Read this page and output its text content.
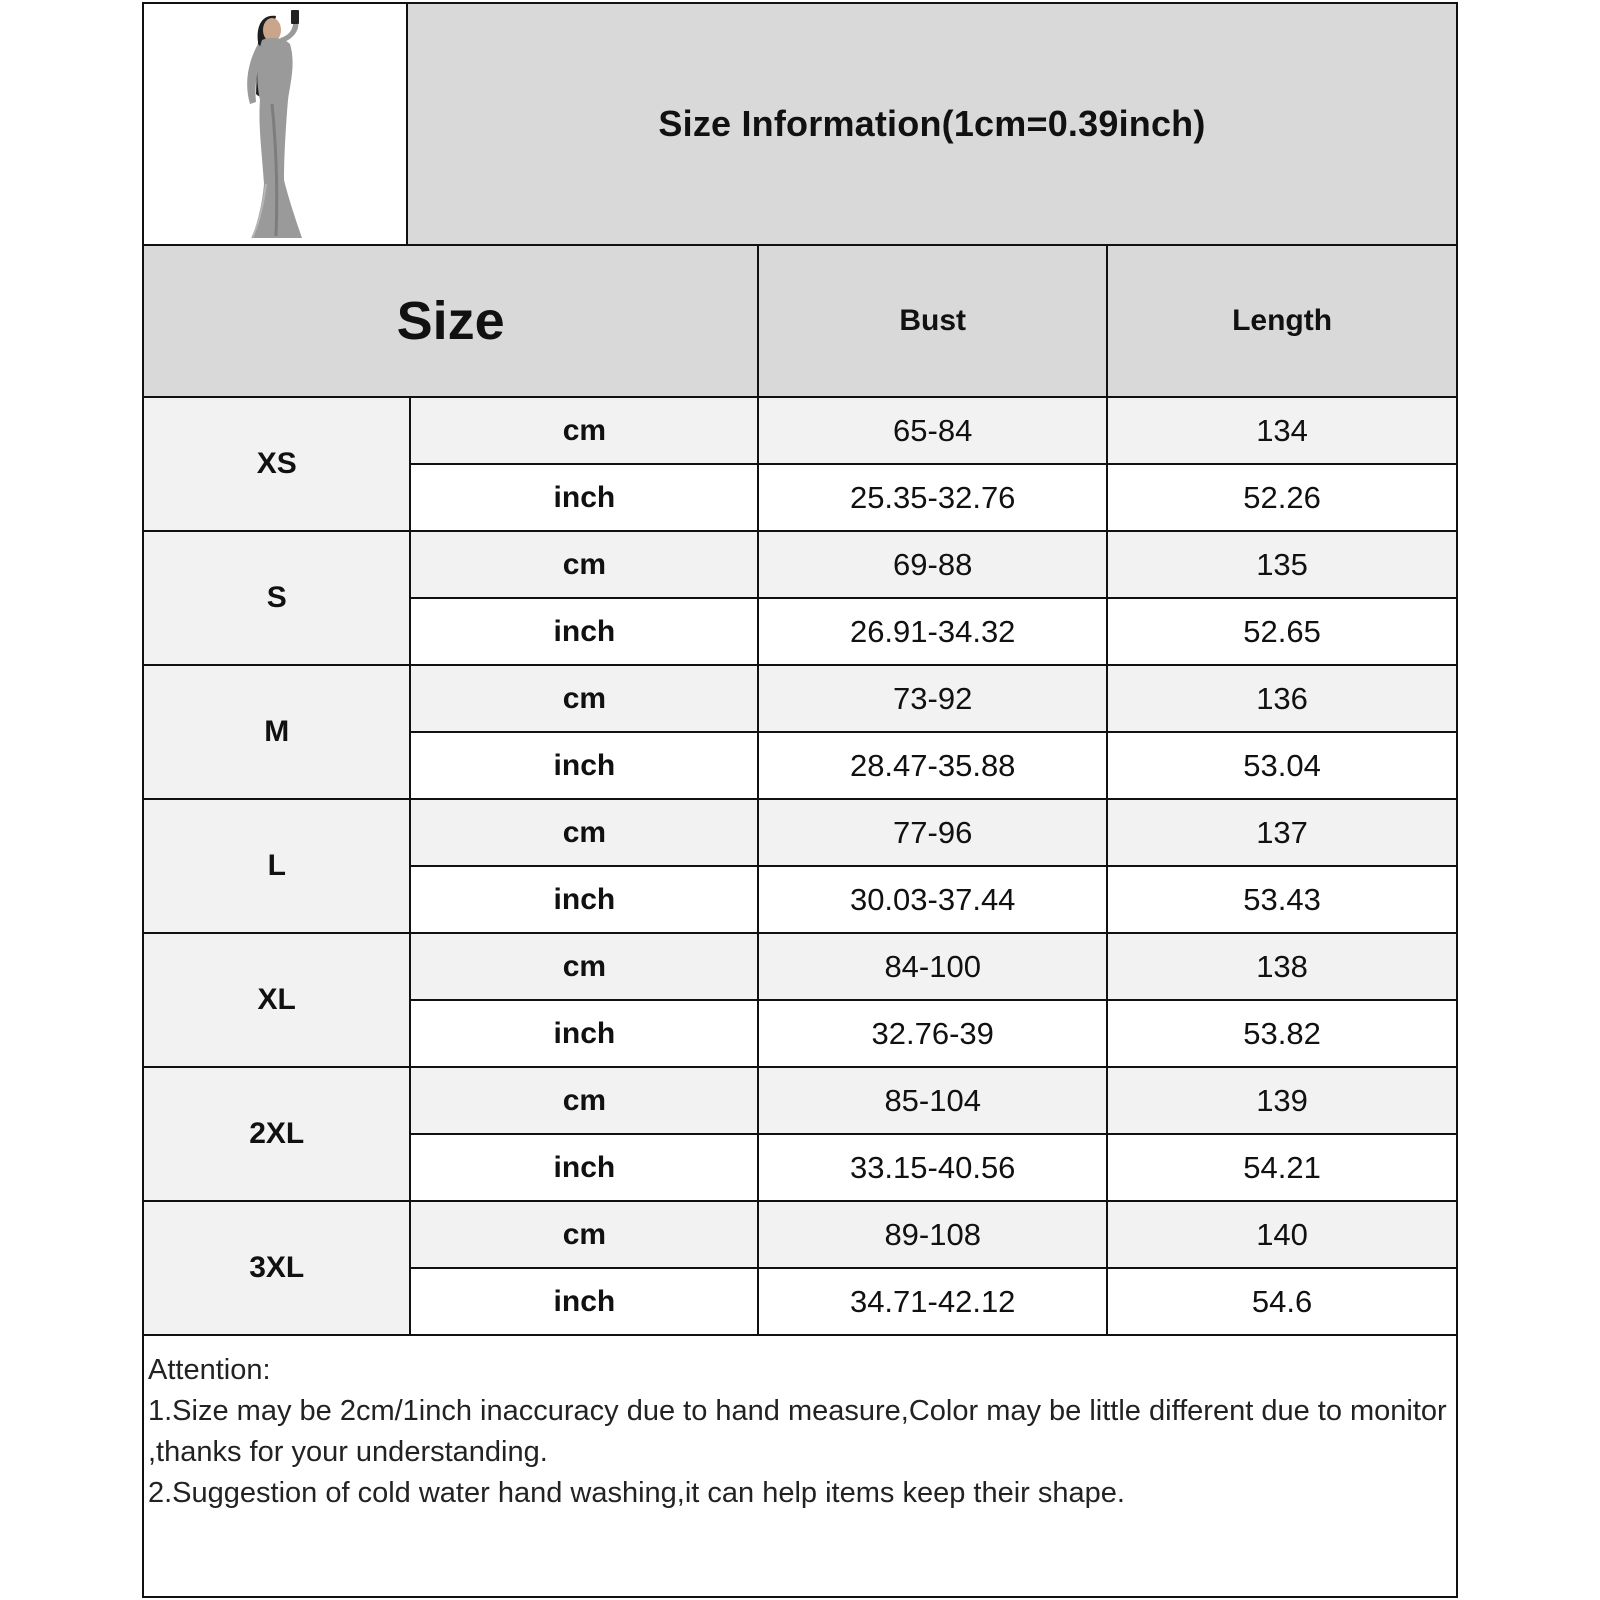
Size Information(1cm=0.39inch)
Size		Bust	Length
XS	cm	65-84	134
	inch	25.35-32.76	52.26
S	cm	69-88	135
	inch	26.91-34.32	52.65
M	cm	73-92	136
	inch	28.47-35.88	53.04
L	cm	77-96	137
	inch	30.03-37.44	53.43
XL	cm	84-100	138
	inch	32.76-39	53.82
2XL	cm	85-104	139
	inch	33.15-40.56	54.21
3XL	cm	89-108	140
	inch	34.71-42.12	54.6

Attention:

1.Size may be 2cm/1inch inaccuracy due to hand measure,Color may be little different due to monitor ,thanks for your understanding.

2.Suggestion of cold water hand washing,it can help items keep their shape.
